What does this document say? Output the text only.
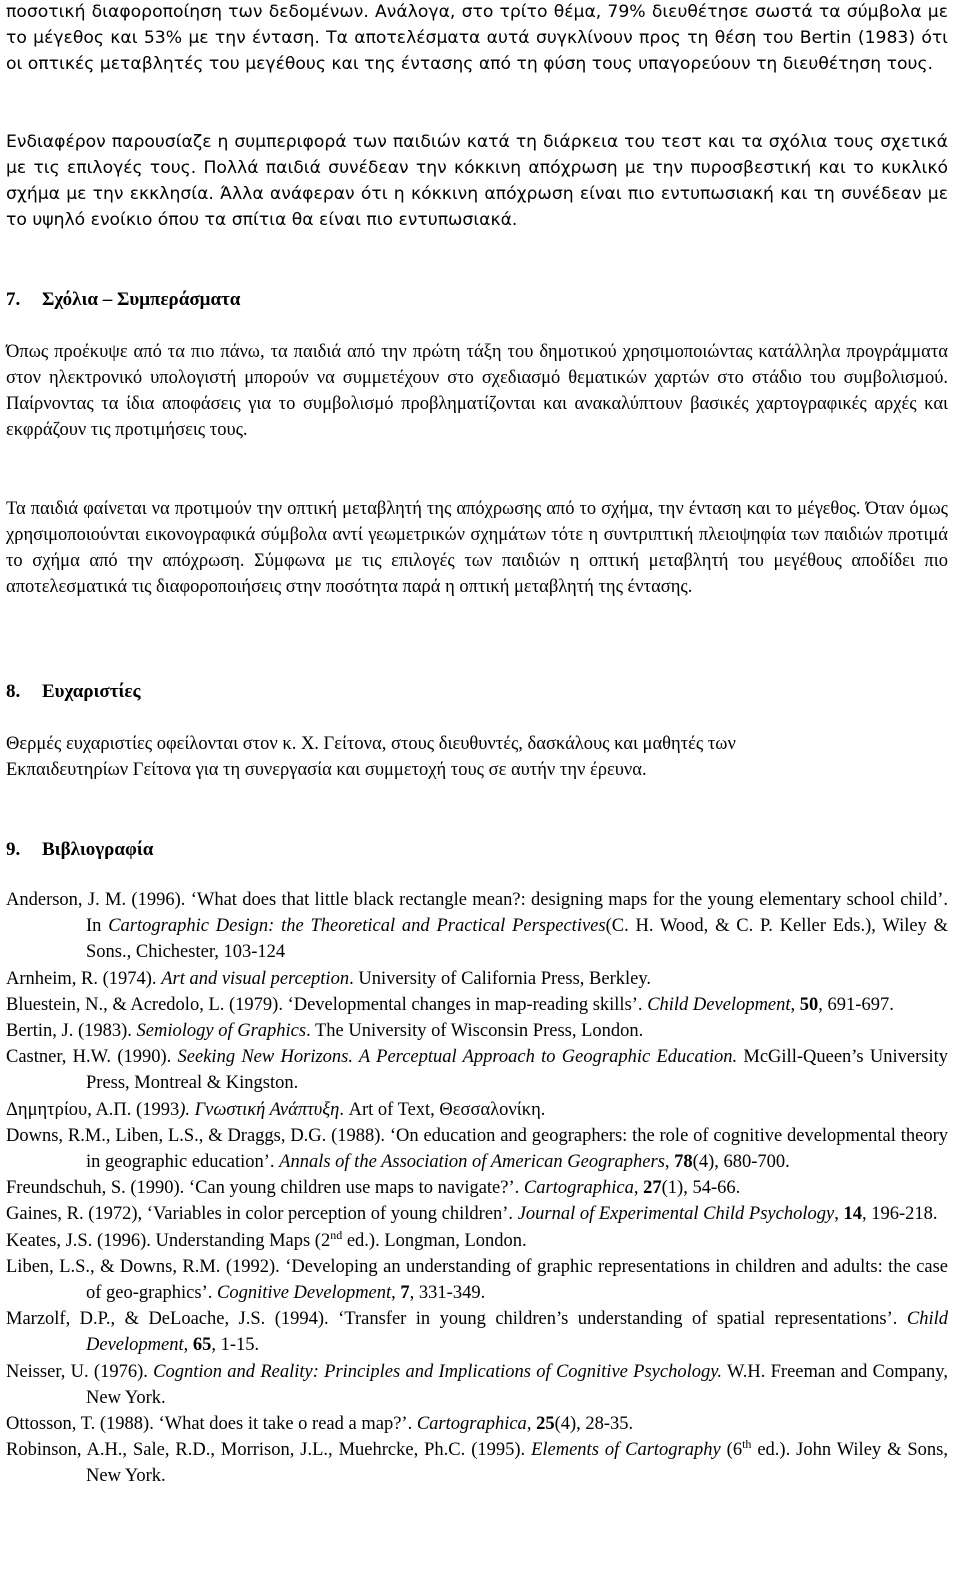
ποσοτική διαφοροποίηση των δεδομένων. Ανάλογα, στο τρίτο θέμα, 79% διευθέτησε σωστά τα σύμβολα με το μέγεθος και 53% με την ένταση. Τα αποτελέσματα αυτά συγκλίνουν προς τη θέση του Bertin (1983) ότι οι οπτικές μεταβλητές του μεγέθους και της έντασης από τη φύση τους υπαγορεύουν τη διευθέτηση τους.

Ενδιαφέρον παρουσίαζε η συμπεριφορά των παιδιών κατά τη διάρκεια του τεστ και τα σχόλια τους σχετικά με τις επιλογές τους. Πολλά παιδιά συνέδεαν την κόκκινη απόχρωση με την πυροσβεστική και το κυκλικό σχήμα με την εκκλησία. Άλλα ανάφεραν ότι η κόκκινη απόχρωση είναι πιο εντυπωσιακή και τη συνέδεαν με το υψηλό ενοίκιο όπου τα σπίτια θα είναι πιο εντυπωσιακά.

7. Σχόλια – Συμπεράσματα

Όπως προέκυψε από τα πιο πάνω, τα παιδιά από την πρώτη τάξη του δημοτικού χρησιμοποιώντας κατάλληλα προγράμματα στον ηλεκτρονικό υπολογιστή μπορούν να συμμετέχουν στο σχεδιασμό θεματικών χαρτών στο στάδιο του συμβολισμού. Παίρνοντας τα ίδια αποφάσεις για το συμβολισμό προβληματίζονται και ανακαλύπτουν βασικές χαρτογραφικές αρχές και εκφράζουν τις προτιμήσεις τους.

Τα παιδιά φαίνεται να προτιμούν την οπτική μεταβλητή της απόχρωσης από το σχήμα, την ένταση και το μέγεθος. Όταν όμως χρησιμοποιούνται εικονογραφικά σύμβολα αντί γεωμετρικών σχημάτων τότε η συντριπτική πλειοψηφία των παιδιών προτιμά το σχήμα από την απόχρωση. Σύμφωνα με τις επιλογές των παιδιών η οπτική μεταβλητή του μεγέθους αποδίδει πιο αποτελεσματικά τις διαφοροποιήσεις στην ποσότητα παρά η οπτική μεταβλητή της έντασης.

8. Ευχαριστίες

Θερμές ευχαριστίες οφείλονται στον κ. Χ. Γείτονα, στους διευθυντές, δασκάλους και μαθητές των

Εκπαιδευτηρίων Γείτονα για τη συνεργασία και συμμετοχή τους σε αυτήν την έρευνα.

9. Βιβλιογραφία

Anderson, J. M. (1996). ‘What does that little black rectangle mean?: designing maps for the young elementary school child’. In Cartographic Design: the Theoretical and Practical Perspectives(C. H. Wood, & C. P. Keller Eds.), Wiley & Sons., Chichester, 103-124

Arnheim, R. (1974). Art and visual perception. University of California Press, Berkley.

Bluestein, N., & Acredolo, L. (1979). ‘Developmental changes in map-reading skills’. Child Development, 50, 691-697.

Bertin, J. (1983). Semiology of Graphics. The University of Wisconsin Press, London.

Castner, H.W. (1990). Seeking New Horizons. A Perceptual Approach to Geographic Education. McGill-Queen’s University Press, Montreal & Kingston.

Δημητρίου, Α.Π. (1993). Γνωστική Ανάπτυξη. Art of Text, Θεσσαλονίκη.

Downs, R.M., Liben, L.S., & Draggs, D.G. (1988). ‘On education and geographers: the role of cognitive developmental theory in geographic education’. Annals of the Association of American Geographers, 78(4), 680-700.

Freundschuh, S. (1990). ‘Can young children use maps to navigate?’. Cartographica, 27(1), 54-66.

Gaines, R. (1972), ‘Variables in color perception of young children’. Journal of Experimental Child Psychology, 14, 196-218.

Keates, J.S. (1996). Understanding Maps (2nd ed.). Longman, London.

Liben, L.S., & Downs, R.M. (1992). ‘Developing an understanding of graphic representations in children and adults: the case of geo-graphics’. Cognitive Development, 7, 331-349.

Marzolf, D.P., & DeLoache, J.S. (1994). ‘Transfer in young children’s understanding of spatial representations’. Child Development, 65, 1-15.

Neisser, U. (1976). Cogntion and Reality: Principles and Implications of Cognitive Psychology. W.H. Freeman and Company, New York.

Ottosson, T. (1988). ‘What does it take o read a map?’. Cartographica, 25(4), 28-35.

Robinson, A.H., Sale, R.D., Morrison, J.L., Muehrcke, Ph.C. (1995). Elements of Cartography (6th ed.). John Wiley & Sons, New York.
